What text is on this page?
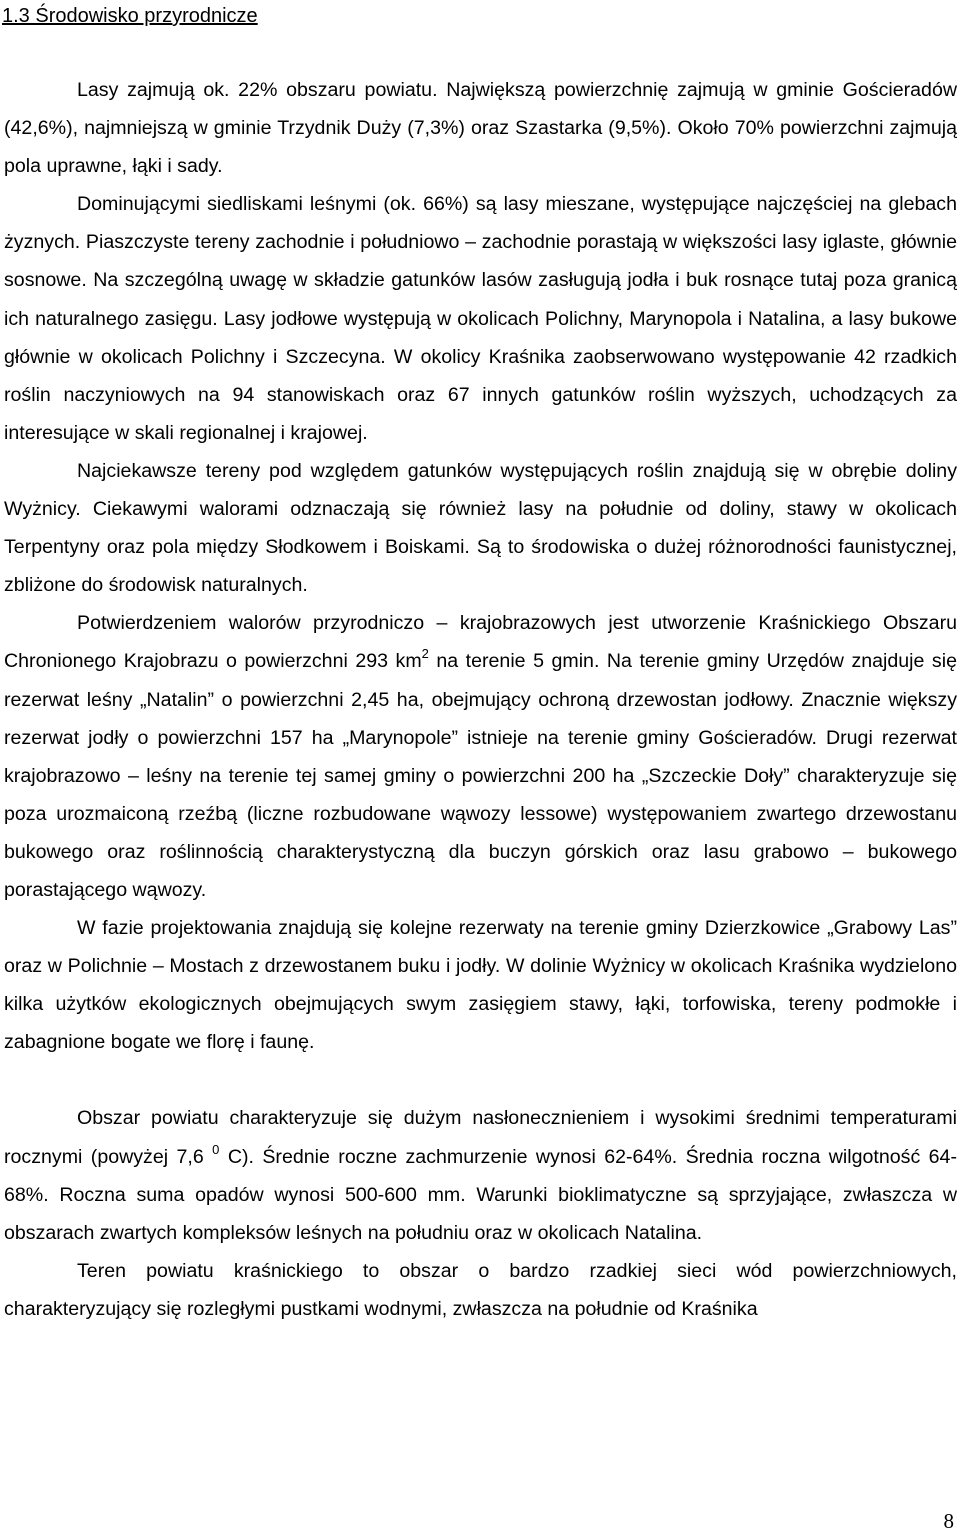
1.3 Środowisko przyrodnicze

Lasy zajmują ok. 22% obszaru powiatu. Największą powierzchnię zajmują w gminie Gościeradów (42,6%), najmniejszą w gminie Trzydnik Duży (7,3%) oraz Szastarka (9,5%). Około 70% powierzchni zajmują pola uprawne, łąki i sady.

Dominującymi siedliskami leśnymi (ok. 66%) są lasy mieszane, występujące najczęściej na glebach żyznych. Piaszczyste tereny zachodnie i południowo – zachodnie porastają w większości lasy iglaste, głównie sosnowe. Na szczególną uwagę w składzie gatunków lasów zasługują jodła i buk rosnące tutaj poza granicą ich naturalnego zasięgu. Lasy jodłowe występują w okolicach Polichny, Marynopola i Natalina, a lasy bukowe głównie w okolicach Polichny i Szczecyna. W okolicy Kraśnika zaobserwowano występowanie 42 rzadkich roślin naczyniowych na 94 stanowiskach oraz 67 innych gatunków roślin wyższych, uchodzących za interesujące w skali regionalnej i krajowej.

Najciekawsze tereny pod względem gatunków występujących roślin znajdują się w obrębie doliny Wyżnicy. Ciekawymi walorami odznaczają się również lasy na południe od doliny, stawy w okolicach Terpentyny oraz pola między Słodkowem i Boiskami. Są to środowiska o dużej różnorodności faunistycznej, zbliżone do środowisk naturalnych.

Potwierdzeniem walorów przyrodniczo – krajobrazowych jest utworzenie Kraśnickiego Obszaru Chronionego Krajobrazu o powierzchni 293 $km^2$ na terenie 5 gmin. Na terenie gminy Urzędów znajduje się rezerwat leśny „Natalin” o powierzchni 2,45 ha, obejmujący ochroną drzewostan jodłowy. Znacznie większy rezerwat jodły o powierzchni 157 ha „Marynopole” istnieje na terenie gminy Gościeradów. Drugi rezerwat krajobrazowo – leśny na terenie tej samej gminy o powierzchni 200 ha „Szczeckie Doły” charakteryzuje się poza urozmaiconą rzeźbą (liczne rozbudowane wąwozy lessowe) występowaniem zwartego drzewostanu bukowego oraz roślinnością charakterystyczną dla buczyn górskich oraz lasu grabowo – bukowego porastającego wąwozy.

W fazie projektowania znajdują się kolejne rezerwaty na terenie gminy Dzierzkowice „Grabowy Las” oraz w Polichnie – Mostach z drzewostanem buku i jodły. W dolinie Wyżnicy w okolicach Kraśnika wydzielono kilka użytków ekologicznych obejmujących swym zasięgiem stawy, łąki, torfowiska, tereny podmokłe i zabagnione bogate we florę i faunę.

Obszar powiatu charakteryzuje się dużym nasłonecznieniem i wysokimi średnimi temperaturami rocznymi (powyżej 7,6 $^0$ C). Średnie roczne zachmurzenie wynosi 62-64%. Średnia roczna wilgotność 64-68%. Roczna suma opadów wynosi 500-600 mm. Warunki bioklimatyczne są sprzyjające, zwłaszcza w obszarach zwartych kompleksów leśnych na południu oraz w okolicach Natalina.

Teren powiatu kraśnickiego to obszar o bardzo rzadkiej sieci wód powierzchniowych, charakteryzujący się rozległymi pustkami wodnymi, zwłaszcza na południe od Kraśnika

8
